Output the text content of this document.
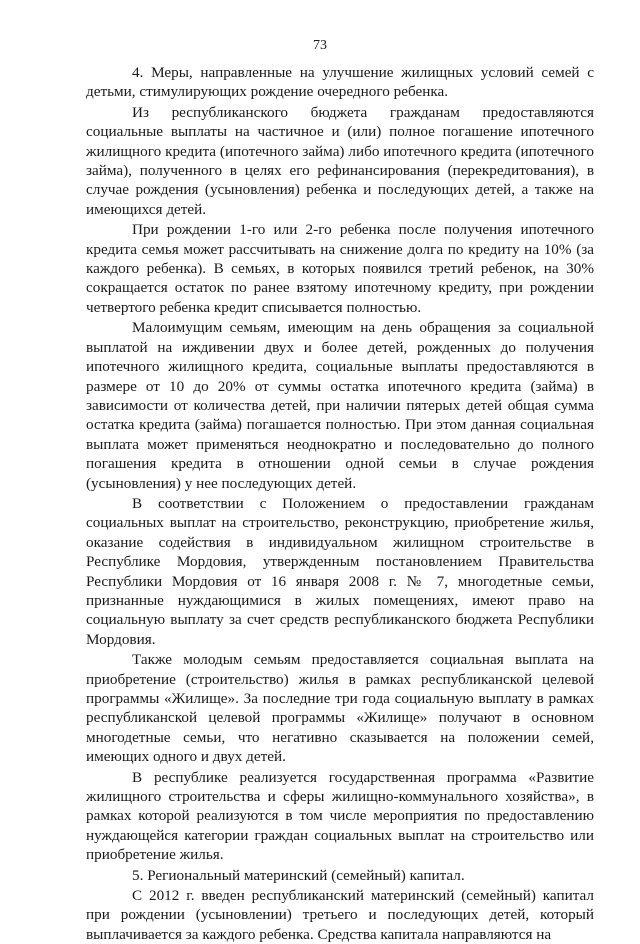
73

4. Меры, направленные на улучшение жилищных условий семей с детьми, стимулирующих рождение очередного ребенка.

Из республиканского бюджета гражданам предоставляются социальные выплаты на частичное и (или) полное погашение ипотечного жилищного кредита (ипотечного займа) либо ипотечного кредита (ипотечного займа), полученного в целях его рефинансирования (перекредитования), в случае рождения (усыновления) ребенка и последующих детей, а также на имеющихся детей.

При рождении 1-го или 2-го ребенка после получения ипотечного кредита семья может рассчитывать на снижение долга по кредиту на 10% (за каждого ребенка). В семьях, в которых появился третий ребенок, на 30% сокращается остаток по ранее взятому ипотечному кредиту, при рождении четвертого ребенка кредит списывается полностью.

Малоимущим семьям, имеющим на день обращения за социальной выплатой на иждивении двух и более детей, рожденных до получения ипотечного жилищного кредита, социальные выплаты предоставляются в размере от 10 до 20% от суммы остатка ипотечного кредита (займа) в зависимости от количества детей, при наличии пятерых детей общая сумма остатка кредита (займа) погашается полностью. При этом данная социальная выплата может применяться неоднократно и последовательно до полного погашения кредита в отношении одной семьи в случае рождения (усыновления) у нее последующих детей.

В соответствии с Положением о предоставлении гражданам социальных выплат на строительство, реконструкцию, приобретение жилья, оказание содействия в индивидуальном жилищном строительстве в Республике Мордовия, утвержденным постановлением Правительства Республики Мордовия от 16 января 2008 г. № 7, многодетные семьи, признанные нуждающимися в жилых помещениях, имеют право на социальную выплату за счет средств республиканского бюджета Республики Мордовия.

Также молодым семьям предоставляется социальная выплата на приобретение (строительство) жилья в рамках республиканской целевой программы «Жилище». За последние три года социальную выплату в рамках республиканской целевой программы «Жилище» получают в основном многодетные семьи, что негативно сказывается на положении семей, имеющих одного и двух детей.

В республике реализуется государственная программа «Развитие жилищного строительства и сферы жилищно-коммунального хозяйства», в рамках которой реализуются в том числе мероприятия по предоставлению нуждающейся категории граждан социальных выплат на строительство или приобретение жилья.

5. Региональный материнский (семейный) капитал.

С 2012 г. введен республиканский материнский (семейный) капитал при рождении (усыновлении) третьего и последующих детей, который выплачивается за каждого ребенка. Средства капитала направляются на
